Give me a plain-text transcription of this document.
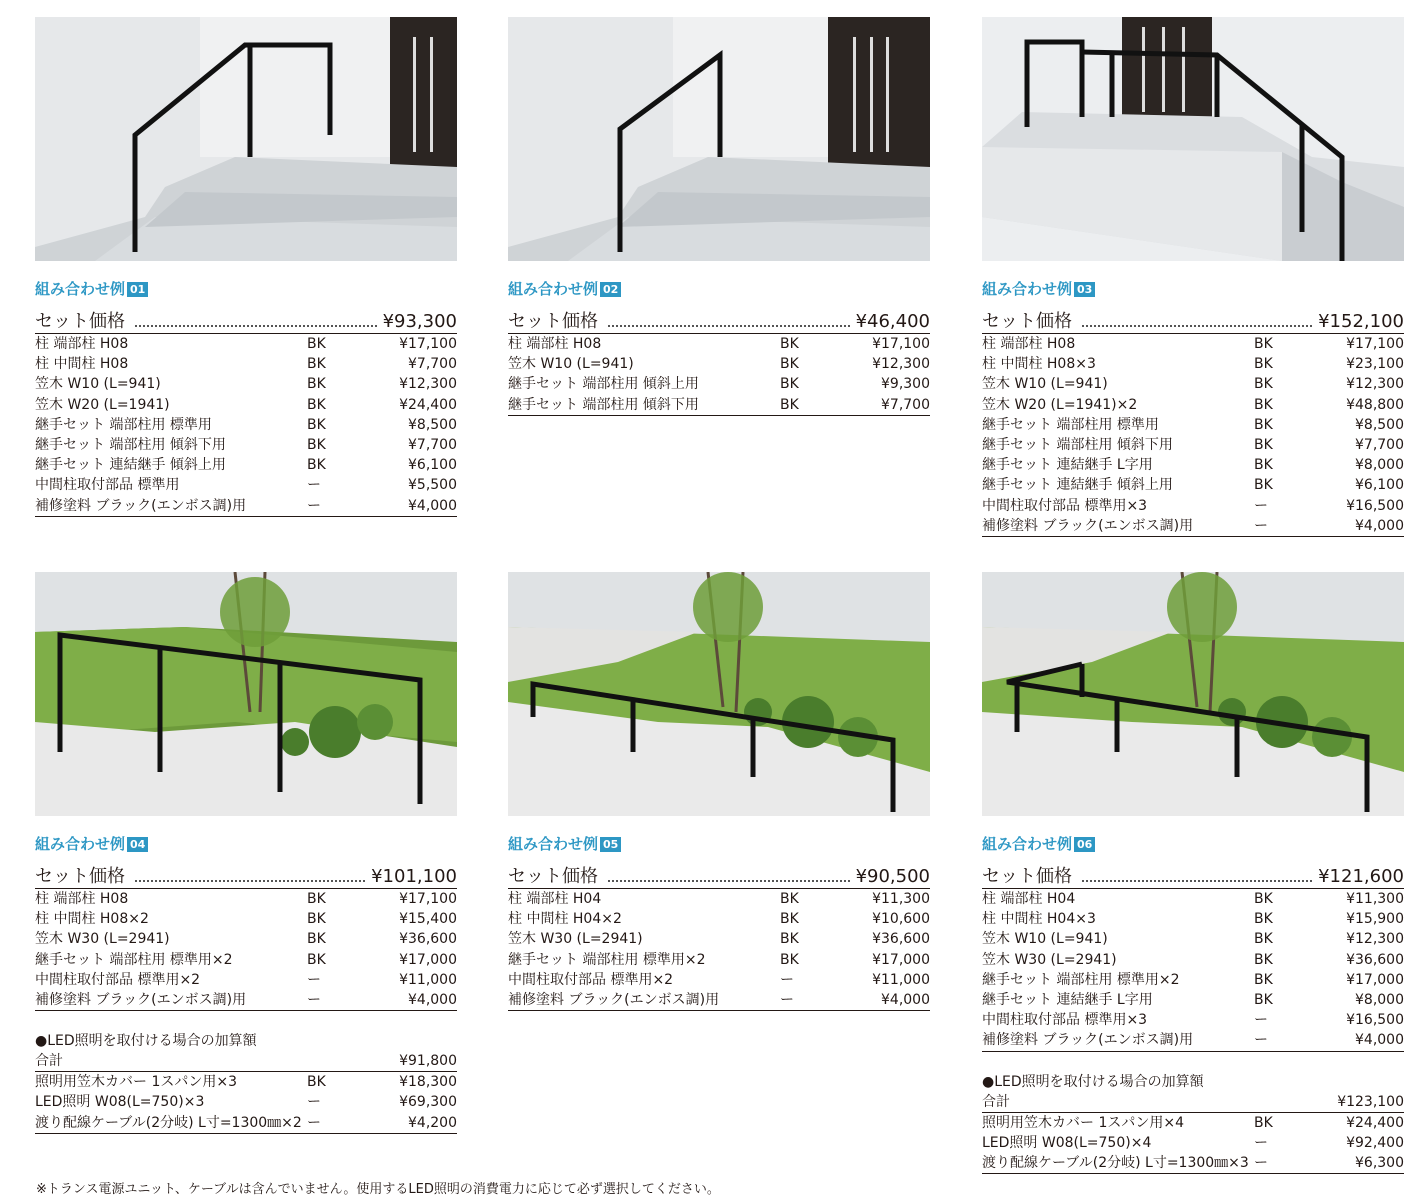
組み合わせ例 01
セット価格	¥93,300
柱 端部柱 H08	BK	¥17,100
柱 中間柱 H08	BK	¥7,700
笠木 W10 (L=941)	BK	¥12,300
笠木 W20 (L=1941)	BK	¥24,400
継手セット 端部柱用 標準用	BK	¥8,500
継手セット 端部柱用 傾斜下用	BK	¥7,700
継手セット 連結継手 傾斜上用	BK	¥6,100
中間柱取付部品 標準用	ー	¥5,500
補修塗料 ブラック(エンボス調)用	ー	¥4,000
組み合わせ例 02
セット価格	¥46,400
柱 端部柱 H08	BK	¥17,100
笠木 W10 (L=941)	BK	¥12,300
継手セット 端部柱用 傾斜上用	BK	¥9,300
継手セット 端部柱用 傾斜下用	BK	¥7,700
組み合わせ例 03
セット価格	¥152,100
柱 端部柱 H08	BK	¥17,100
柱 中間柱 H08×3	BK	¥23,100
笠木 W10 (L=941)	BK	¥12,300
笠木 W20 (L=1941)×2	BK	¥48,800
継手セット 端部柱用 標準用	BK	¥8,500
継手セット 端部柱用 傾斜下用	BK	¥7,700
継手セット 連結継手 L字用	BK	¥8,000
継手セット 連結継手 傾斜上用	BK	¥6,100
中間柱取付部品 標準用×3	ー	¥16,500
補修塗料 ブラック(エンボス調)用	ー	¥4,000
組み合わせ例 04
セット価格	¥101,100
柱 端部柱 H08	BK	¥17,100
柱 中間柱 H08×2	BK	¥15,400
笠木 W30 (L=2941)	BK	¥36,600
継手セット 端部柱用 標準用×2	BK	¥17,000
中間柱取付部品 標準用×2	ー	¥11,000
補修塗料 ブラック(エンボス調)用	ー	¥4,000
●LED照明を取付ける場合の加算額
合計	¥91,800
照明用笠木カバー 1スパン用×3	BK	¥18,300
LED照明 W08(L=750)×3	ー	¥69,300
渡り配線ケーブル(2分岐) L寸=1300㎜×2	ー	¥4,200
組み合わせ例 05
セット価格	¥90,500
柱 端部柱 H04	BK	¥11,300
柱 中間柱 H04×2	BK	¥10,600
笠木 W30 (L=2941)	BK	¥36,600
継手セット 端部柱用 標準用×2	BK	¥17,000
中間柱取付部品 標準用×2	ー	¥11,000
補修塗料 ブラック(エンボス調)用	ー	¥4,000
組み合わせ例 06
セット価格	¥121,600
柱 端部柱 H04	BK	¥11,300
柱 中間柱 H04×3	BK	¥15,900
笠木 W10 (L=941)	BK	¥12,300
笠木 W30 (L=2941)	BK	¥36,600
継手セット 端部柱用 標準用×2	BK	¥17,000
継手セット 連結継手 L字用	BK	¥8,000
中間柱取付部品 標準用×3	ー	¥16,500
補修塗料 ブラック(エンボス調)用	ー	¥4,000
●LED照明を取付ける場合の加算額
合計	¥123,100
照明用笠木カバー 1スパン用×4	BK	¥24,400
LED照明 W08(L=750)×4	ー	¥92,400
渡り配線ケーブル(2分岐) L寸=1300㎜×3	ー	¥6,300
※トランス電源ユニット、ケーブルは含んでいません。使用するLED照明の消費電力に応じて必ず選択してください。
